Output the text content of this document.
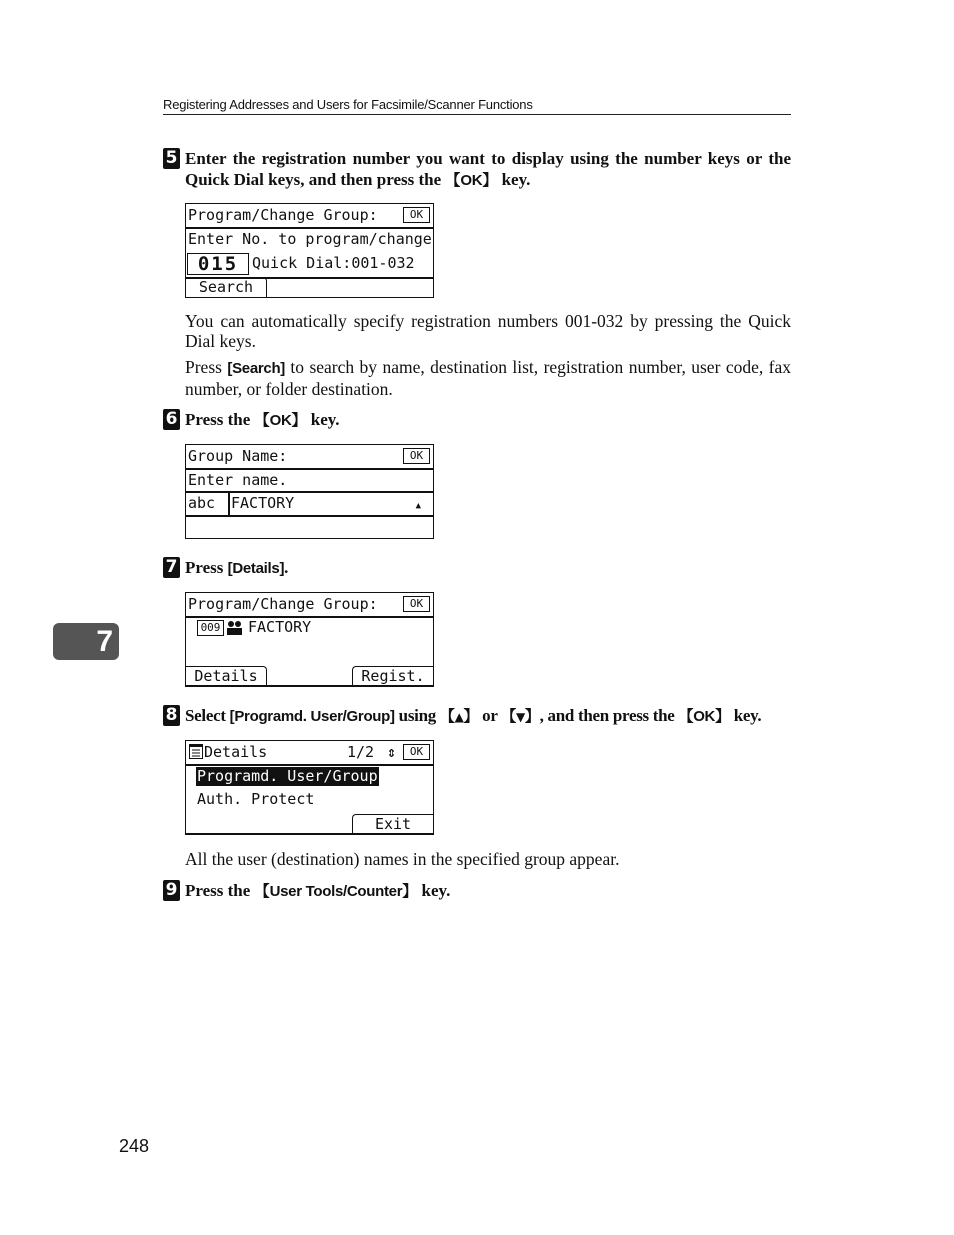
Registering Addresses and Users for Facsimile/Scanner Functions
5 Enter the registration number you want to display using the number keys or the Quick Dial keys, and then press the 【OK】 key.
Program/Change Group:	OK
Enter No. to program/change
015 Quick Dial:001-032
Search
You can automatically specify registration numbers 001-032 by pressing the Quick Dial keys.
Press [Search] to search by name, destination list, registration number, user code, fax number, or folder destination.
6 Press the 【OK】 key.
Group Name:	OK
Enter name.
abc	FACTORY	▲
7 Press [Details].
Program/Change Group:	OK
009 FACTORY
Details	Regist.
8 Select [Programd. User/Group] using 【▲】 or 【▼】, and then press the 【OK】 key.
Details	1/2 ⇕	OK
Programd. User/Group
Auth. Protect
Exit
All the user (destination) names in the specified group appear.
9 Press the 【User Tools/Counter】 key.
7
248
